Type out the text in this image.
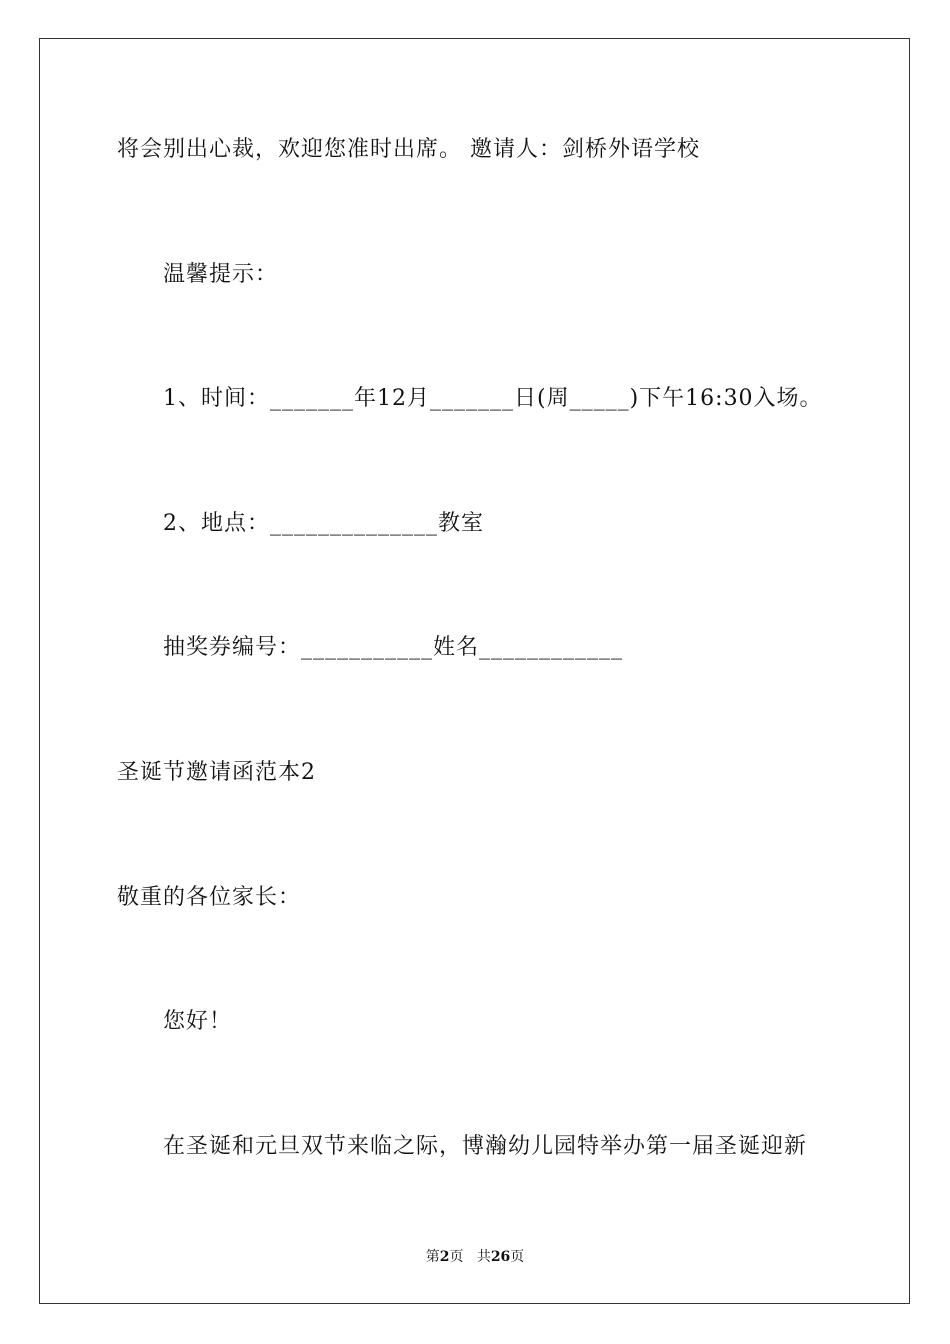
将会别出心裁，欢迎您准时出席。 邀请人：剑桥外语学校
温馨提示：
1、时间：_______年12月_______日(周_____)下午16:30入场。
2、地点：______________教室
抽奖券编号：___________姓名____________
圣诞节邀请函范本2
敬重的各位家长：
您好！
在圣诞和元旦双节来临之际，博瀚幼儿园特举办第一届圣诞迎新
第2页 共26页
